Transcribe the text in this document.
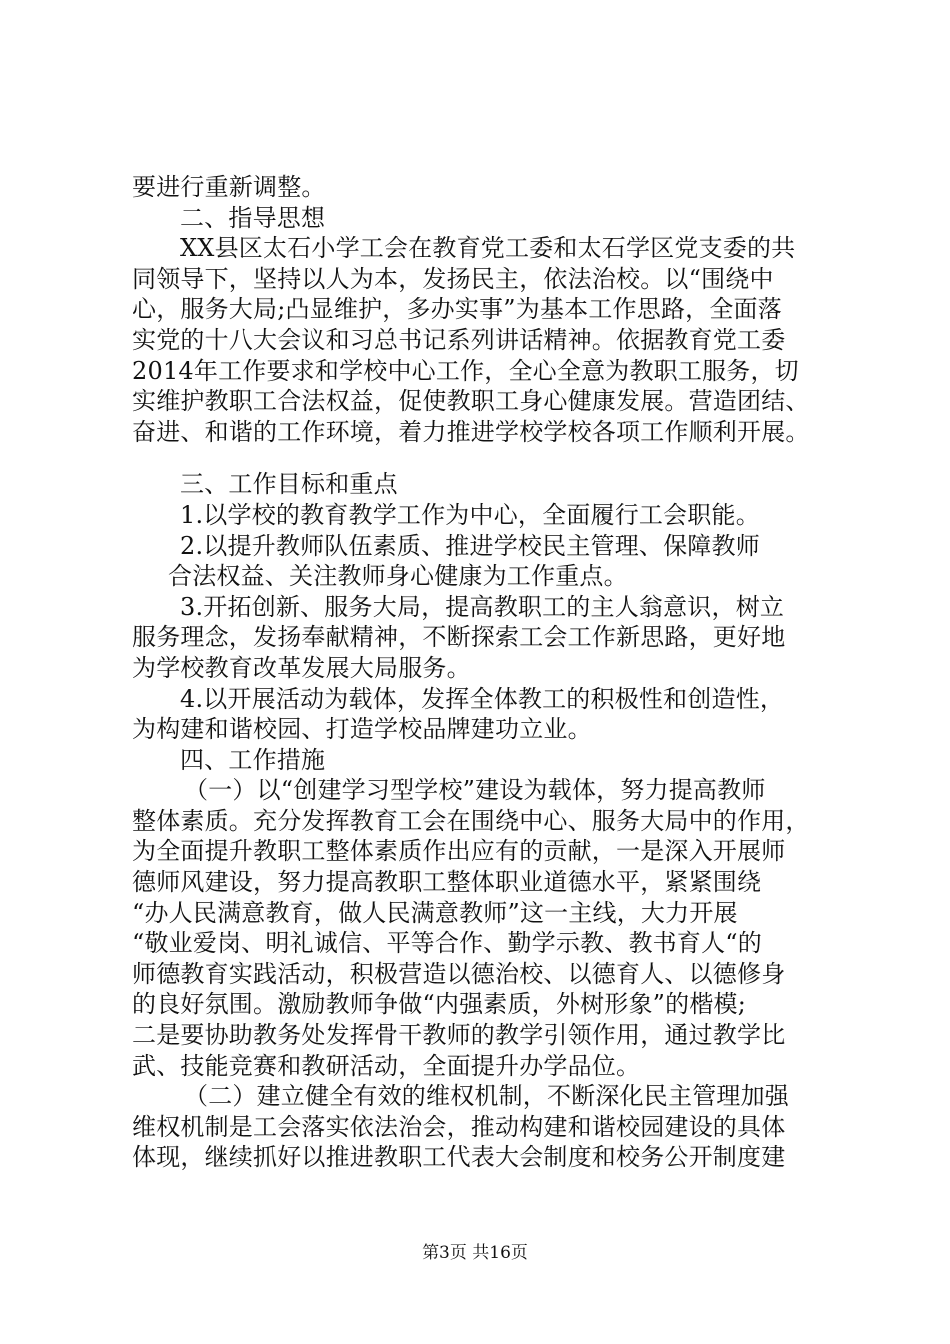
要进行重新调整。
二、指导思想
XX县区太石小学工会在教育党工委和太石学区党支委的共
同领导下，坚持以人为本，发扬民主，依法治校。以“围绕中
心，服务大局;凸显维护，多办实事”为基本工作思路，全面落
实党的十八大会议和习总书记系列讲话精神。依据教育党工委
2014年工作要求和学校中心工作，全心全意为教职工服务，切
实维护教职工合法权益，促使教职工身心健康发展。营造团结、
奋进、和谐的工作环境，着力推进学校学校各项工作顺利开展。
三、工作目标和重点
1.以学校的教育教学工作为中心，全面履行工会职能。
2.以提升教师队伍素质、推进学校民主管理、保障教师
合法权益、关注教师身心健康为工作重点。
3.开拓创新、服务大局，提高教职工的主人翁意识，树立
服务理念，发扬奉献精神，不断探索工会工作新思路，更好地
为学校教育改革发展大局服务。
4.以开展活动为载体，发挥全体教工的积极性和创造性，
为构建和谐校园、打造学校品牌建功立业。
四、工作措施
（一）以“创建学习型学校”建设为载体，努力提高教师
整体素质。充分发挥教育工会在围绕中心、服务大局中的作用，
为全面提升教职工整体素质作出应有的贡献，一是深入开展师
德师风建设，努力提高教职工整体职业道德水平，紧紧围绕
“办人民满意教育，做人民满意教师”这一主线，大力开展
“敬业爱岗、明礼诚信、平等合作、勤学示教、教书育人“的
师德教育实践活动，积极营造以德治校、以德育人、以德修身
的良好氛围。激励教师争做“内强素质，外树形象”的楷模;
二是要协助教务处发挥骨干教师的教学引领作用，通过教学比
武、技能竞赛和教研活动，全面提升办学品位。
（二）建立健全有效的维权机制，不断深化民主管理加强
维权机制是工会落实依法治会，推动构建和谐校园建设的具体
体现，继续抓好以推进教职工代表大会制度和校务公开制度建
第3页 共16页
